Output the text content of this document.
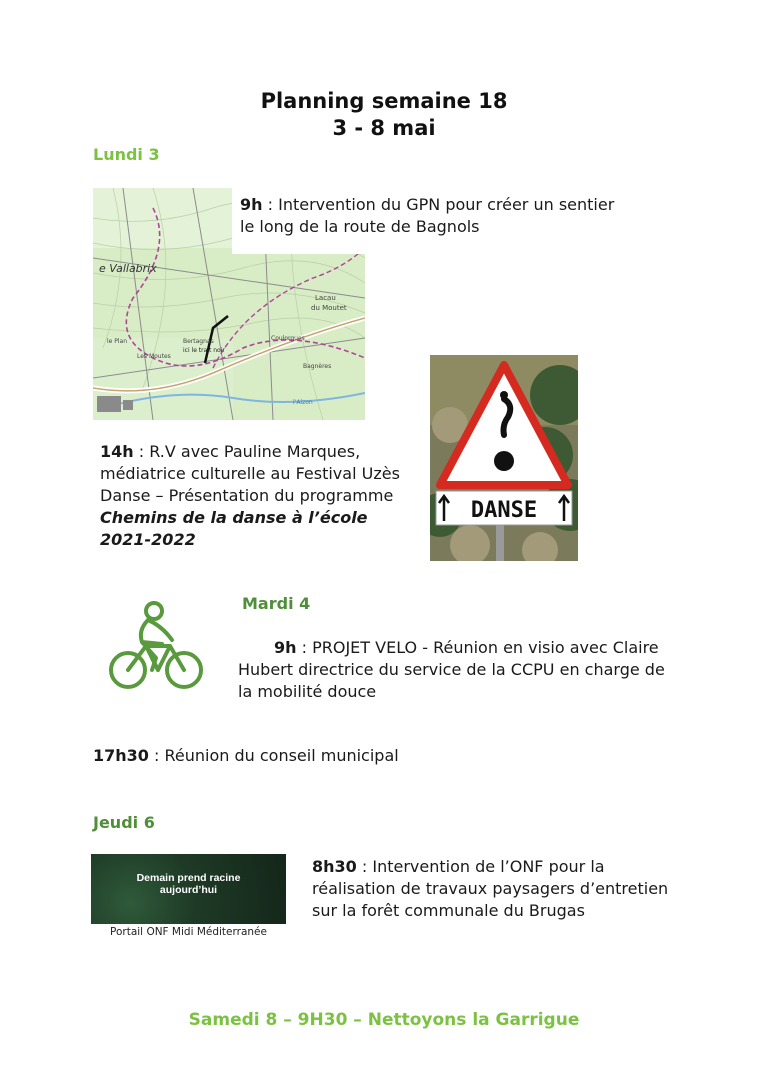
Planning semaine 18
3 - 8 mai
Lundi 3
e Vallabrix
Lacau
du Moutet
le Plan
Les Moutes
Bertagnas
ici le trait noir
Coulorgues
Bagnères
l'Alzon
9h : Intervention du GPN pour créer un sentier le long de la route de Bagnols
14h : R.V avec Pauline Marques, médiatrice culturelle au Festival Uzès Danse – Présentation du programme Chemins de la danse à l’école 2021-2022
DANSE
Mardi 4
9h : PROJET VELO - Réunion en visio avec Claire Hubert directrice du service de la CCPU en charge de la mobilité douce
17h30 : Réunion du conseil municipal
Jeudi 6
Demain prend racine
aujourd’hui
Portail ONF Midi Méditerranée
8h30 : Intervention de l’ONF pour la réalisation de travaux paysagers d’entretien sur la forêt communale du Brugas
Samedi 8 – 9H30 – Nettoyons la Garrigue
